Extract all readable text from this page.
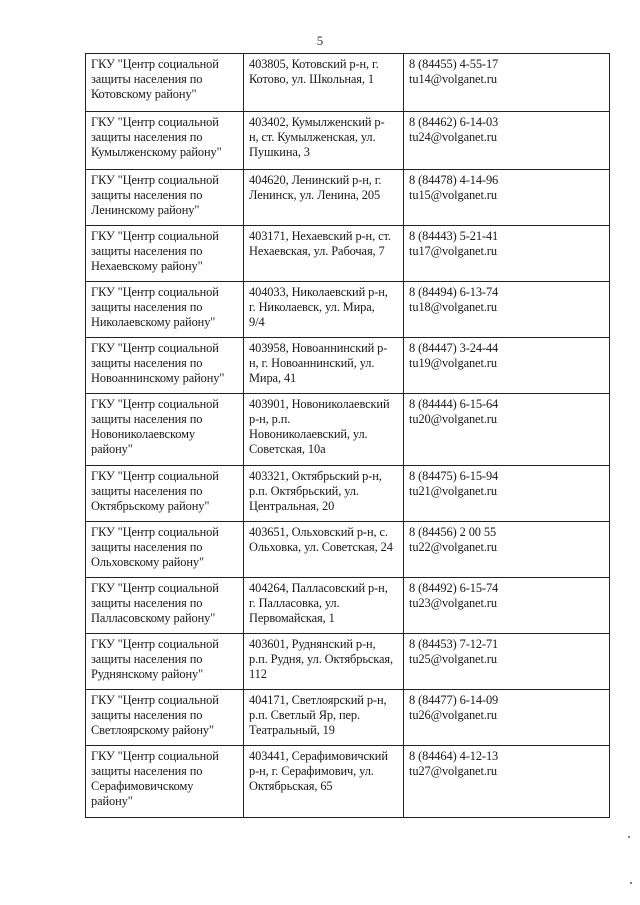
5
ГКУ "Центр социальной
защиты населения по
Котовскому району"	403805, Котовский р-н, г.
Котово, ул. Школьная, 1	8 (84455) 4-55-17
tu14@volganet.ru

ГКУ "Центр социальной
защиты населения по
Кумылженскому району"	403402, Кумылженский р-
н, ст. Кумылженская, ул.
Пушкина, 3	8 (84462) 6-14-03
tu24@volganet.ru

ГКУ "Центр социальной
защиты населения по
Ленинскому району"	404620, Ленинский р-н, г.
Ленинск, ул. Ленина, 205	8 (84478) 4-14-96
tu15@volganet.ru

ГКУ "Центр социальной
защиты населения по
Нехаевскому району"	403171, Нехаевский р-н, ст.
Нехаевская, ул. Рабочая, 7	8 (84443) 5-21-41
tu17@volganet.ru

ГКУ "Центр социальной
защиты населения по
Николаевскому району"	404033, Николаевский р-н,
г. Николаевск, ул. Мира,
9/4	8 (84494) 6-13-74
tu18@volganet.ru

ГКУ "Центр социальной
защиты населения по
Новоаннинскому району"	403958, Новоаннинский р-
н, г. Новоаннинский, ул.
Мира, 41	8 (84447) 3-24-44
tu19@volganet.ru

ГКУ "Центр социальной
защиты населения по
Новониколаевскому
району"	403901, Новониколаевский
р-н, р.п.
Новониколаевский, ул.
Советская, 10а	8 (84444) 6-15-64
tu20@volganet.ru

ГКУ "Центр социальной
защиты населения по
Октябрьскому району"	403321, Октябрьский р-н,
р.п. Октябрьский, ул.
Центральная, 20	8 (84475) 6-15-94
tu21@volganet.ru

ГКУ "Центр социальной
защиты населения по
Ольховскому району"	403651, Ольховский р-н, с.
Ольховка, ул. Советская, 24	8 (84456) 2 00 55
tu22@volganet.ru

ГКУ "Центр социальной
защиты населения по
Палласовскому району"	404264, Палласовский р-н,
г. Палласовка, ул.
Первомайская, 1	8 (84492) 6-15-74
tu23@volganet.ru

ГКУ "Центр социальной
защиты населения по
Руднянскому району"	403601, Руднянский р-н,
р.п. Рудня, ул. Октябрьская,
112	8 (84453) 7-12-71
tu25@volganet.ru

ГКУ "Центр социальной
защиты населения по
Светлоярскому району"	404171, Светлоярский р-н,
р.п. Светлый Яр, пер.
Театральный, 19	8 (84477) 6-14-09
tu26@volganet.ru

ГКУ "Центр социальной
защиты населения по
Серафимовичскому
району"	403441, Серафимовичский
р-н, г. Серафимович, ул.
Октябрьская, 65	8 (84464) 4-12-13
tu27@volganet.ru
